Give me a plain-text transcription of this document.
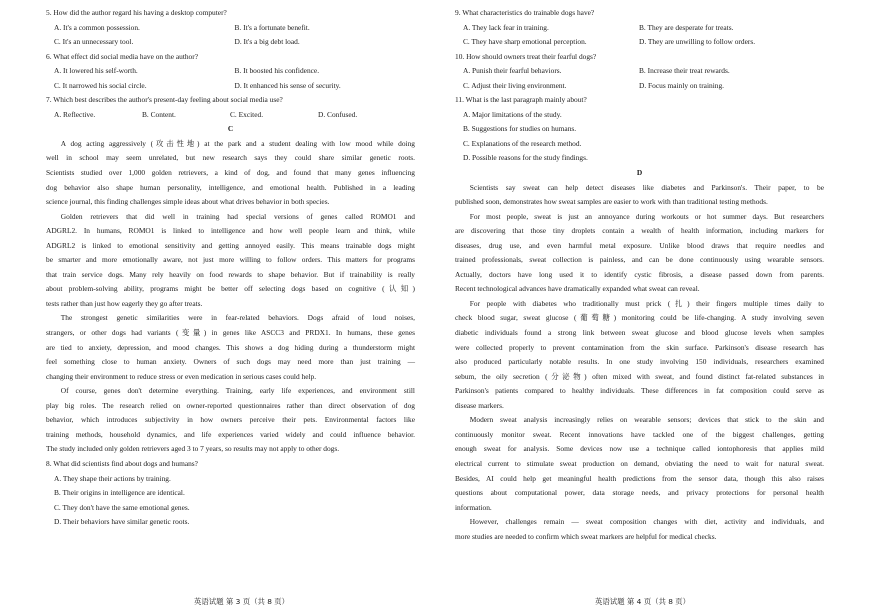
5. How did the author regard his having a desktop computer?
A. It's a common possession.	B. It's a fortunate benefit.
C. It's an unnecessary tool.	D. It's a big debt load.
6. What effect did social media have on the author?
A. It lowered his self-worth.	B. It boosted his confidence.
C. It narrowed his social circle.	D. It enhanced his sense of security.
7. Which best describes the author's present-day feeling about social media use?
A. Reflective.	B. Content.	C. Excited.	D. Confused.
C
A dog acting aggressively (攻击性地) at the park and a student dealing with low mood while doing
well in school may seem unrelated, but new research says they could share similar genetic roots.
Scientists studied over 1,000 golden retrievers, a kind of dog, and found that many genes influencing
dog behavior also shape human personality, intelligence, and emotional health. Published in a leading
science journal, this finding challenges simple ideas about what drives behavior in both species.
Golden retrievers that did well in training had special versions of genes called ROMO1 and
ADGRL2. In humans, ROMO1 is linked to intelligence and how well people learn and think, while
ADGRL2 is linked to emotional sensitivity and getting annoyed easily. This means trainable dogs might
be smarter and more emotionally aware, not just more willing to follow orders. This matters for programs
that train service dogs. Many rely heavily on food rewards to shape behavior. But if trainability is really
about problem-solving ability, programs might be better off selecting dogs based on cognitive (认知)
tests rather than just how eagerly they go after treats.
The strongest genetic similarities were in fear-related behaviors. Dogs afraid of loud noises,
strangers, or other dogs had variants (变量) in genes like ASCC3 and PRDX1. In humans, these genes
are tied to anxiety, depression, and mood changes. This shows a dog hiding during a thunderstorm might
feel something close to human anxiety. Owners of such dogs may need more than just training —
changing their environment to reduce stress or even medication in serious cases could help.
Of course, genes don't determine everything. Training, early life experiences, and environment still
play big roles. The research relied on owner-reported questionnaires rather than direct observation of dog
behavior, which introduces subjectivity in how owners perceive their pets. Environmental factors like
training methods, household dynamics, and life experiences varied widely and could influence behavior.
The study included only golden retrievers aged 3 to 7 years, so results may not apply to other dogs.
8. What did scientists find about dogs and humans?
A. They shape their actions by training.
B. Their origins in intelligence are identical.
C. They don't have the same emotional genes.
D. Their behaviors have similar genetic roots.
英语试题 第 3 页（共 8 页）
9. What characteristics do trainable dogs have?
A. They lack fear in training.	B. They are desperate for treats.
C. They have sharp emotional perception.	D. They are unwilling to follow orders.
10. How should owners treat their fearful dogs?
A. Punish their fearful behaviors.	B. Increase their treat rewards.
C. Adjust their living environment.	D. Focus mainly on training.
11. What is the last paragraph mainly about?
A. Major limitations of the study.
B. Suggestions for studies on humans.
C. Explanations of the research method.
D. Possible reasons for the study findings.
D
Scientists say sweat can help detect diseases like diabetes and Parkinson's. Their paper, to be
published soon, demonstrates how sweat samples are easier to work with than traditional testing methods.
For most people, sweat is just an annoyance during workouts or hot summer days. But researchers
are discovering that those tiny droplets contain a wealth of health information, including markers for
diseases, drug use, and even harmful metal exposure. Unlike blood draws that require needles and
trained professionals, sweat collection is painless, and can be done continuously using wearable sensors.
Actually, doctors have long used it to identify cystic fibrosis, a disease passed down from parents.
Recent technological advances have dramatically expanded what sweat can reveal.
For people with diabetes who traditionally must prick (扎) their fingers multiple times daily to
check blood sugar, sweat glucose (葡萄糖) monitoring could be life-changing. A study involving seven
diabetic individuals found a strong link between sweat glucose and blood glucose levels when samples
were collected properly to prevent contamination from the skin surface. Parkinson's disease research has
also produced particularly notable results. In one study involving 150 individuals, researchers examined
sebum, the oily secretion (分泌物) often mixed with sweat, and found distinct fat-related substances in
Parkinson's patients compared to healthy individuals. These differences in fat composition could serve as
disease markers.
Modern sweat analysis increasingly relies on wearable sensors; devices that stick to the skin and
continuously monitor sweat. Recent innovations have tackled one of the biggest challenges, getting
enough sweat for analysis. Some devices now use a technique called iontophoresis that applies mild
electrical current to stimulate sweat production on demand, obviating the need to wait for natural sweat.
Besides, AI could help get meaningful health predictions from the sensor data, though this also raises
questions about computational power, data storage needs, and privacy protections for personal health
information.
However, challenges remain — sweat composition changes with diet, activity and individuals, and
more studies are needed to confirm which sweat markers are helpful for medical checks.
英语试题 第 4 页（共 8 页）
